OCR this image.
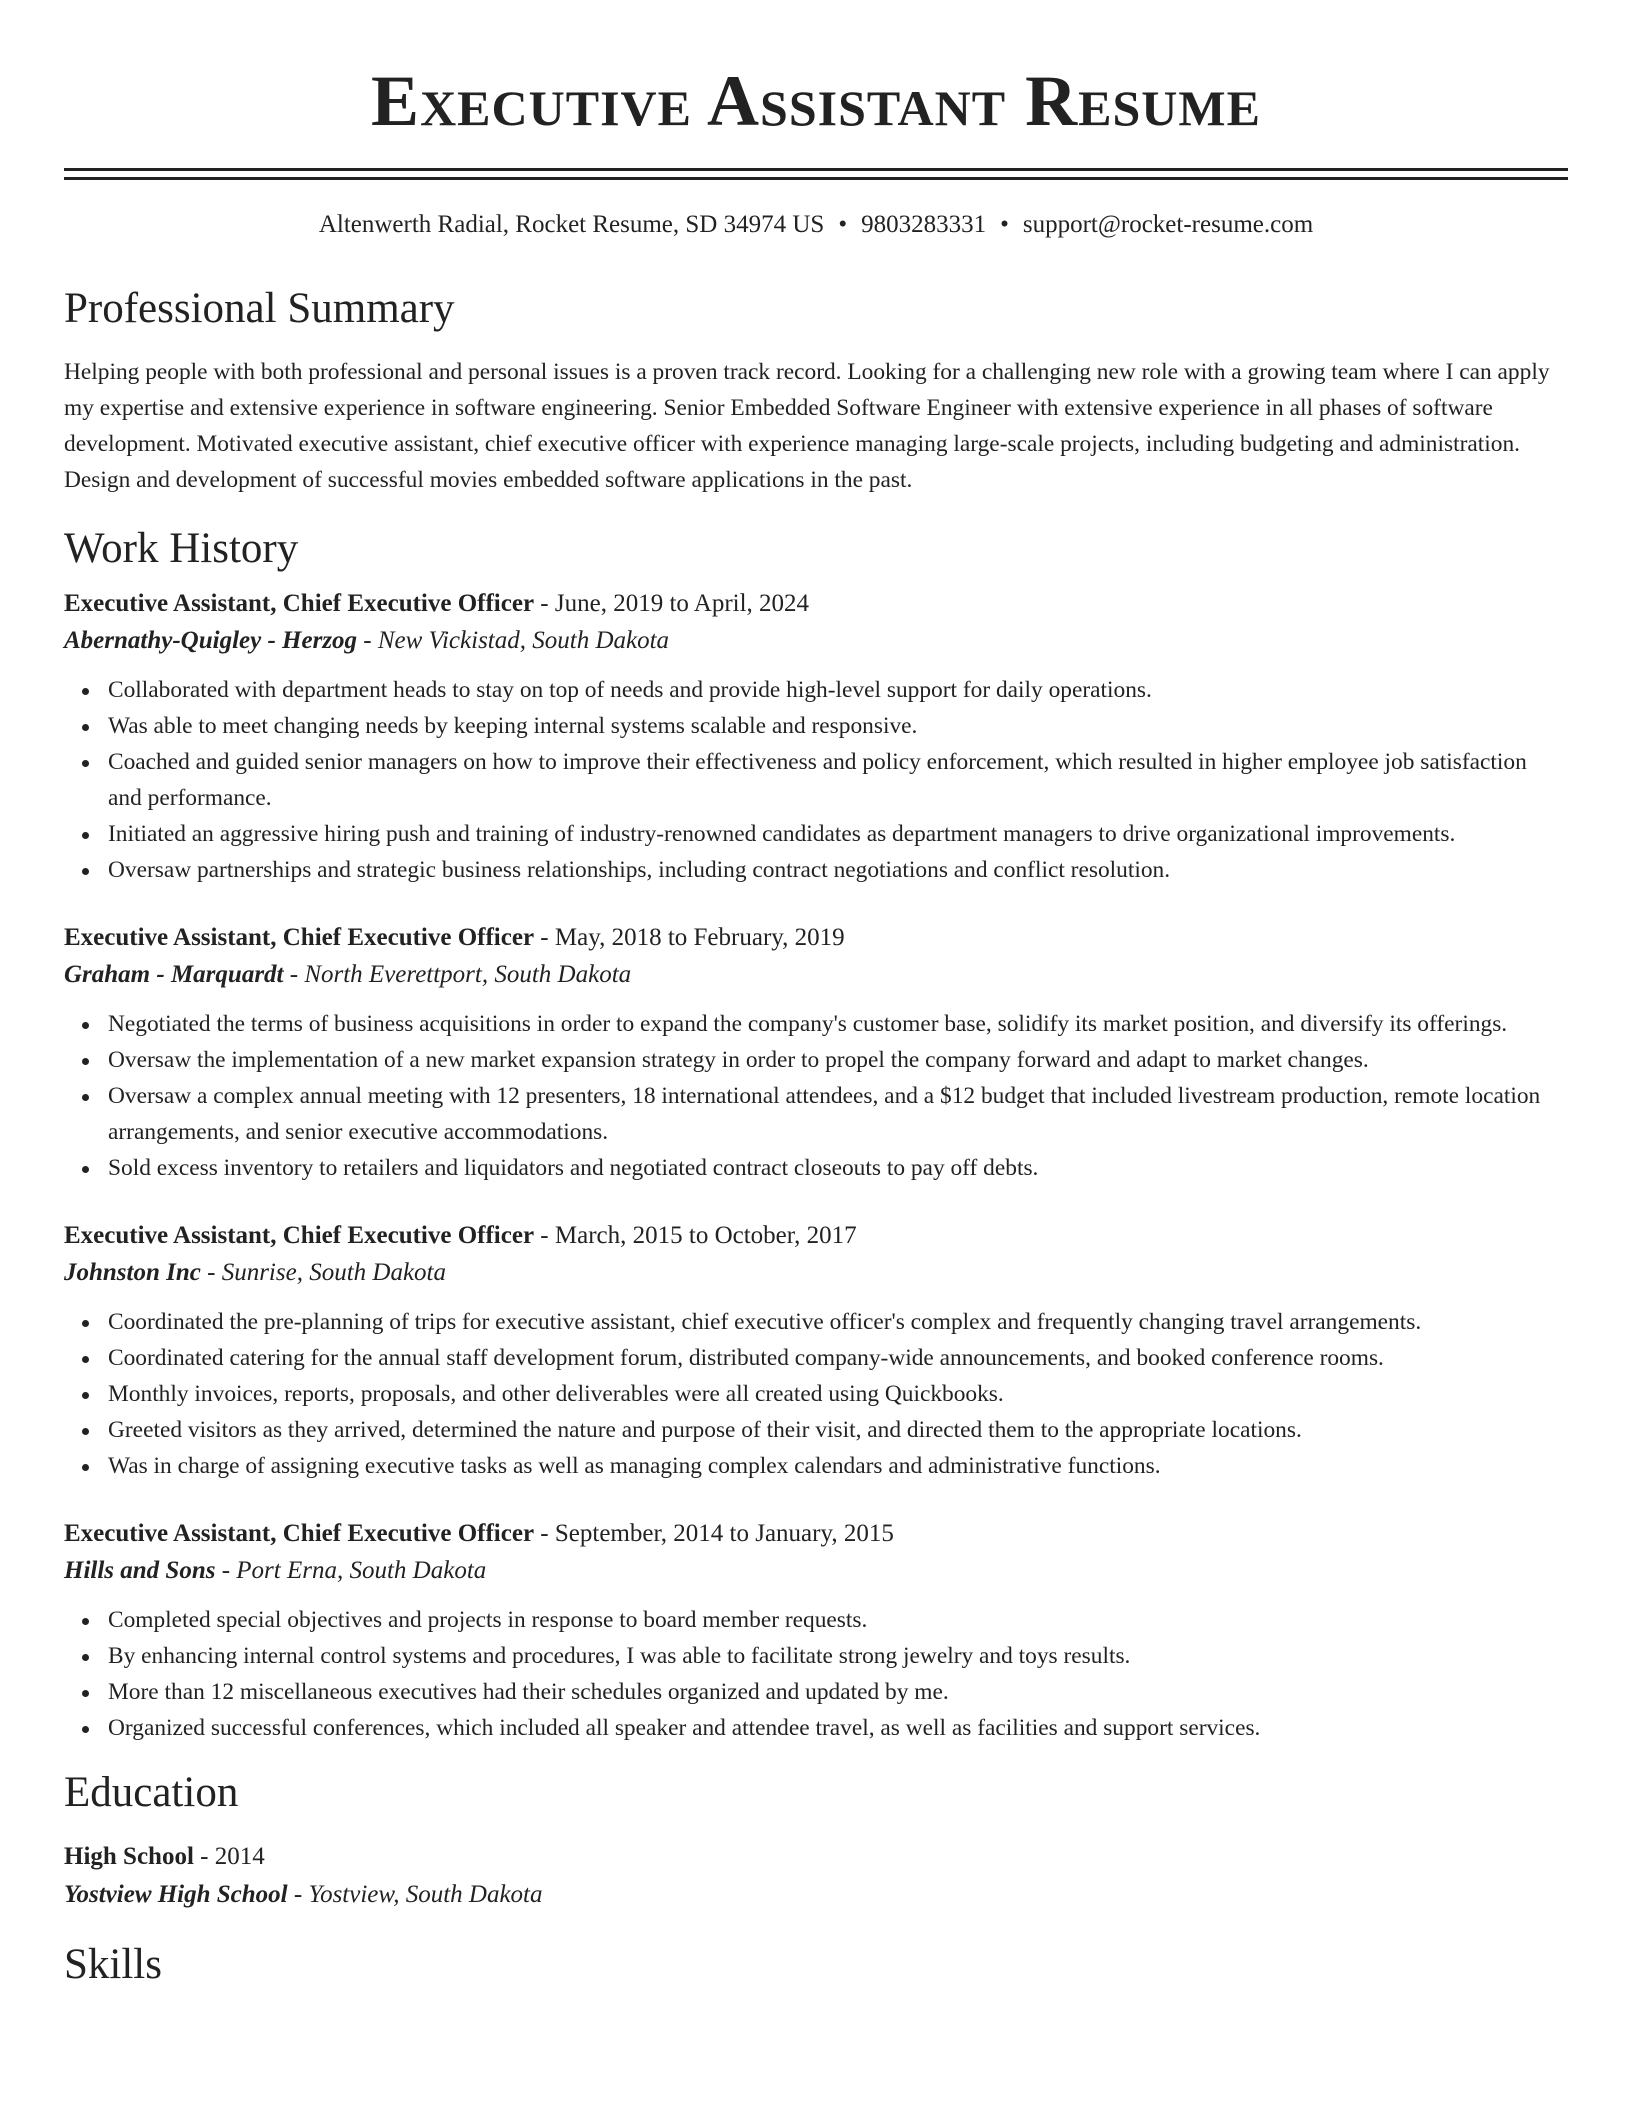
Executive Assistant Resume
Altenwerth Radial, Rocket Resume, SD 34974 US • 9803283331 • support@rocket-resume.com
Professional Summary

Helping people with both professional and personal issues is a proven track record. Looking for a challenging new role with a growing team where I can apply my expertise and extensive experience in software engineering. Senior Embedded Software Engineer with extensive experience in all phases of software development. Motivated executive assistant, chief executive officer with experience managing large-scale projects, including budgeting and administration. Design and development of successful movies embedded software applications in the past.

Work History
Executive Assistant, Chief Executive Officer - June, 2019 to April, 2024
Abernathy-Quigley - Herzog - New Vickistad, South Dakota
Collaborated with department heads to stay on top of needs and provide high-level support for daily operations.
Was able to meet changing needs by keeping internal systems scalable and responsive.
Coached and guided senior managers on how to improve their effectiveness and policy enforcement, which resulted in higher employee job satisfaction and performance.
Initiated an aggressive hiring push and training of industry-renowned candidates as department managers to drive organizational improvements.
Oversaw partnerships and strategic business relationships, including contract negotiations and conflict resolution.
Executive Assistant, Chief Executive Officer - May, 2018 to February, 2019
Graham - Marquardt - North Everettport, South Dakota
Negotiated the terms of business acquisitions in order to expand the company's customer base, solidify its market position, and diversify its offerings.
Oversaw the implementation of a new market expansion strategy in order to propel the company forward and adapt to market changes.
Oversaw a complex annual meeting with 12 presenters, 18 international attendees, and a $12 budget that included livestream production, remote location arrangements, and senior executive accommodations.
Sold excess inventory to retailers and liquidators and negotiated contract closeouts to pay off debts.
Executive Assistant, Chief Executive Officer - March, 2015 to October, 2017
Johnston Inc - Sunrise, South Dakota
Coordinated the pre-planning of trips for executive assistant, chief executive officer's complex and frequently changing travel arrangements.
Coordinated catering for the annual staff development forum, distributed company-wide announcements, and booked conference rooms.
Monthly invoices, reports, proposals, and other deliverables were all created using Quickbooks.
Greeted visitors as they arrived, determined the nature and purpose of their visit, and directed them to the appropriate locations.
Was in charge of assigning executive tasks as well as managing complex calendars and administrative functions.
Executive Assistant, Chief Executive Officer - September, 2014 to January, 2015
Hills and Sons - Port Erna, South Dakota
Completed special objectives and projects in response to board member requests.
By enhancing internal control systems and procedures, I was able to facilitate strong jewelry and toys results.
More than 12 miscellaneous executives had their schedules organized and updated by me.
Organized successful conferences, which included all speaker and attendee travel, as well as facilities and support services.
Education
High School - 2014
Yostview High School - Yostview, South Dakota
Skills
